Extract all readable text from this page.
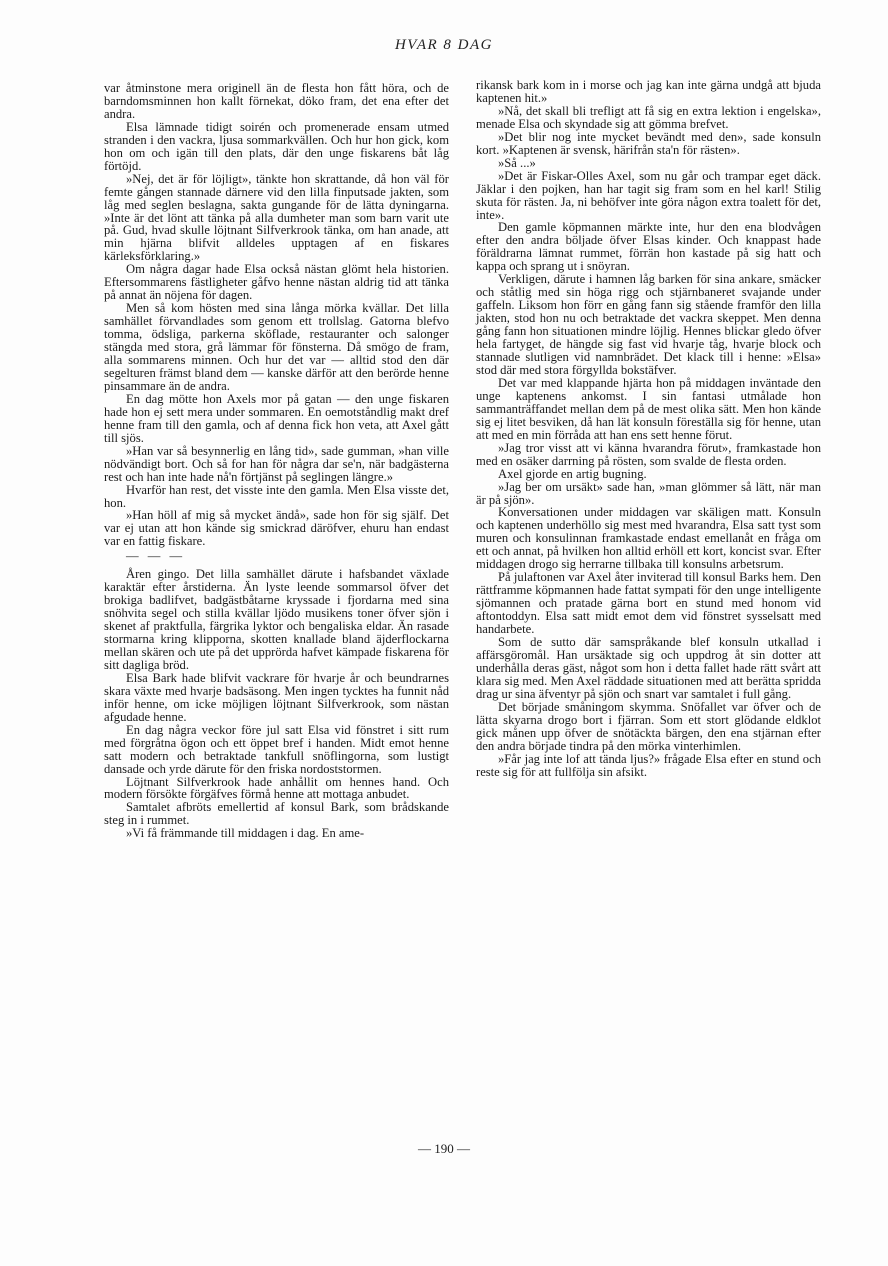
HVAR 8 DAG

var åtminstone mera originell än de flesta hon fått höra, och de barndomsminnen hon kallt förnekat, döko fram, det ena efter det andra.

Elsa lämnade tidigt soirén och promenerade ensam utmed stranden i den vackra, ljusa sommarkvällen. Och hur hon gick, kom hon om och igän till den plats, där den unge fiskarens båt låg förtöjd.

»Nej, det är för löjligt», tänkte hon skrattande, då hon väl för femte gången stannade därnere vid den lilla finputsade jakten, som låg med seglen beslagna, sakta gungande för de lätta dyningarna. »Inte är det lönt att tänka på alla dumheter man som barn varit ute på. Gud, hvad skulle löjtnant Silfverkrook tänka, om han anade, att min hjärna blifvit alldeles upptagen af en fiskares kärleksförklaring.»

Om några dagar hade Elsa också nästan glömt hela historien. Eftersommarens fästligheter gåfvo henne nästan aldrig tid att tänka på annat än nöjena för dagen.

Men så kom hösten med sina långa mörka kvällar. Det lilla samhället förvandlades som genom ett trollslag. Gatorna blefvo tomma, ödsliga, parkerna sköflade, restauranter och salonger stängda med stora, grå lämmar för fönsterna. Då smögo de fram, alla sommarens minnen. Och hur det var — alltid stod den där segelturen främst bland dem — kanske därför att den berörde henne pinsammare än de andra.

En dag mötte hon Axels mor på gatan — den unge fiskaren hade hon ej sett mera under sommaren. En oemotståndlig makt dref henne fram till den gamla, och af denna fick hon veta, att Axel gått till sjös.

»Han var så besynnerlig en lång tid», sade gumman, »han ville nödvändigt bort. Och så for han för några dar se'n, när badgästerna rest och han inte hade nå'n förtjänst på seglingen längre.»

Hvarför han rest, det visste inte den gamla. Men Elsa visste det, hon.

»Han höll af mig så mycket ändå», sade hon för sig själf. Det var ej utan att hon kände sig smickrad däröfver, ehuru han endast var en fattig fiskare.

— — —

Åren gingo. Det lilla samhället därute i hafsbandet växlade karaktär efter årstiderna. Än lyste leende sommarsol öfver det brokiga badlifvet, badgästbåtarne kryssade i fjordarna med sina snöhvita segel och stilla kvällar ljödo musikens toner öfver sjön i skenet af praktfulla, färgrika lyktor och bengaliska eldar. Än rasade stormarna kring klipporna, skotten knallade bland äjderflockarna mellan skären och ute på det upprörda hafvet kämpade fiskarena för sitt dagliga bröd.

Elsa Bark hade blifvit vackrare för hvarje år och beundrarnes skara växte med hvarje badsäsong. Men ingen tycktes ha funnit nåd inför henne, om icke möjligen löjtnant Silfverkrook, som nästan afgudade henne.

En dag några veckor före jul satt Elsa vid fönstret i sitt rum med förgråtna ögon och ett öppet bref i handen. Midt emot henne satt modern och betraktade tankfull snöflingorna, som lustigt dansade och yrde därute för den friska nordoststormen.

Löjtnant Silfverkrook hade anhållit om hennes hand. Och modern försökte förgäfves förmå henne att mottaga anbudet.

Samtalet afbröts emellertid af konsul Bark, som brådskande steg in i rummet.

»Vi få främmande till middagen i dag. En ame-

rikansk bark kom in i morse och jag kan inte gärna undgå att bjuda kaptenen hit.»

»Nå, det skall bli trefligt att få sig en extra lektion i engelska», menade Elsa och skyndade sig att gömma brefvet.

»Det blir nog inte mycket bevändt med den», sade konsuln kort. »Kaptenen är svensk, härifrån sta'n för rästen».

»Så ...»

»Det är Fiskar-Olles Axel, som nu går och trampar eget däck. Jäklar i den pojken, han har tagit sig fram som en hel karl! Stilig skuta för rästen. Ja, ni behöfver inte göra någon extra toalett för det, inte».

Den gamle köpmannen märkte inte, hur den ena blodvågen efter den andra böljade öfver Elsas kinder. Och knappast hade föräldrarna lämnat rummet, förrän hon kastade på sig hatt och kappa och sprang ut i snöyran.

Verkligen, därute i hamnen låg barken för sina ankare, smäcker och ståtlig med sin höga rigg och stjärnbaneret svajande under gaffeln. Liksom hon förr en gång fann sig stående framför den lilla jakten, stod hon nu och betraktade det vackra skeppet. Men denna gång fann hon situationen mindre löjlig. Hennes blickar gledo öfver hela fartyget, de hängde sig fast vid hvarje tåg, hvarje block och stannade slutligen vid namnbrädet. Det klack till i henne: »Elsa» stod där med stora förgyllda bokstäfver.

Det var med klappande hjärta hon på middagen inväntade den unge kaptenens ankomst. I sin fantasi utmålade hon sammanträffandet mellan dem på de mest olika sätt. Men hon kände sig ej litet besviken, då han lät konsuln föreställa sig för henne, utan att med en min förråda att han ens sett henne förut.

»Jag tror visst att vi känna hvarandra förut», framkastade hon med en osäker darrning på rösten, som svalde de flesta orden.

Axel gjorde en artig bugning.

»Jag ber om ursäkt» sade han, »man glömmer så lätt, när man är på sjön».

Konversationen under middagen var skäligen matt. Konsuln och kaptenen underhöllo sig mest med hvarandra, Elsa satt tyst som muren och konsulinnan framkastade endast emellanåt en fråga om ett och annat, på hvilken hon alltid erhöll ett kort, koncist svar. Efter middagen drogo sig herrarne tillbaka till konsulns arbetsrum.

På julaftonen var Axel åter inviterad till konsul Barks hem. Den rättframme köpmannen hade fattat sympati för den unge intelligente sjömannen och pratade gärna bort en stund med honom vid aftontoddyn. Elsa satt midt emot dem vid fönstret sysselsatt med handarbete.

Som de sutto där samspråkande blef konsuln utkallad i affärsgöromål. Han ursäktade sig och uppdrog åt sin dotter att underhålla deras gäst, något som hon i detta fallet hade rätt svårt att klara sig med. Men Axel räddade situationen med att berätta spridda drag ur sina äfventyr på sjön och snart var samtalet i full gång.

Det började småningom skymma. Snöfallet var öfver och de lätta skyarna drogo bort i fjärran. Som ett stort glödande eldklot gick månen upp öfver de snötäckta bärgen, den ena stjärnan efter den andra började tindra på den mörka vinterhimlen.

»Får jag inte lof att tända ljus?» frågade Elsa efter en stund och reste sig för att fullfölja sin afsikt.

— 190 —
